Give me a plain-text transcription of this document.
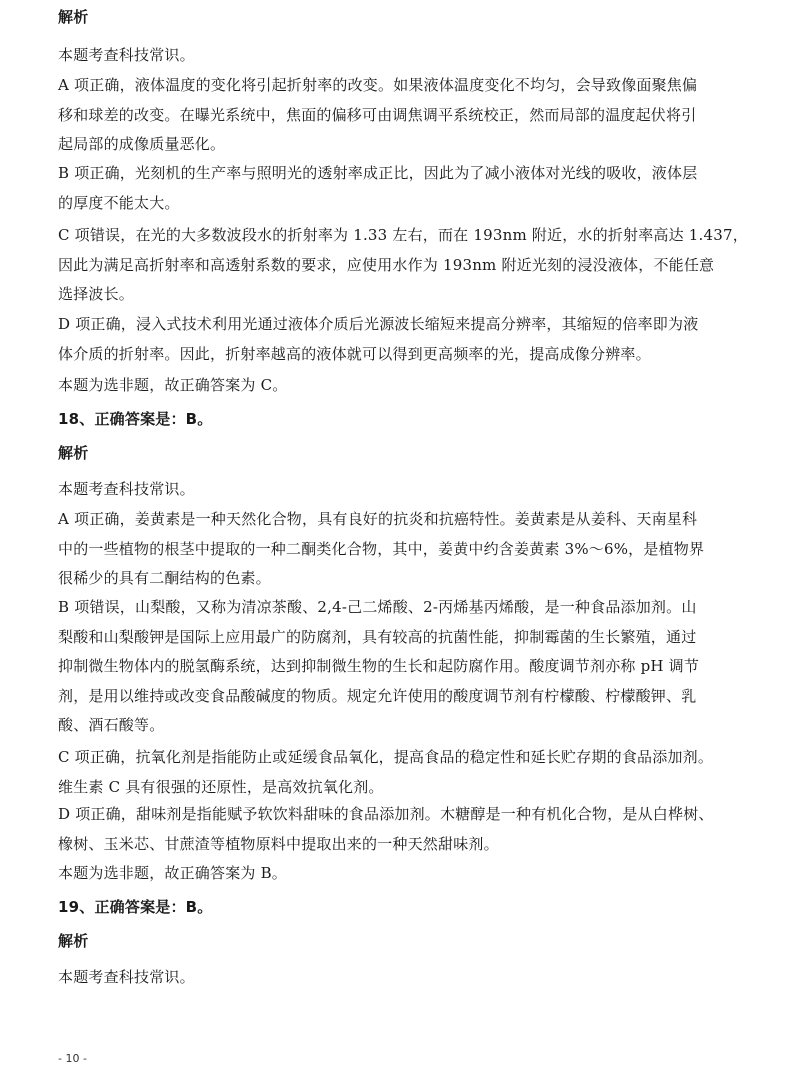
解析
本题考查科技常识。
A 项正确，液体温度的变化将引起折射率的改变。如果液体温度变化不均匀，会导致像面聚焦偏
移和球差的改变。在曝光系统中，焦面的偏移可由调焦调平系统校正，然而局部的温度起伏将引
起局部的成像质量恶化。
B 项正确，光刻机的生产率与照明光的透射率成正比，因此为了减小液体对光线的吸收，液体层
的厚度不能太大。
C 项错误，在光的大多数波段水的折射率为 1.33 左右，而在 193nm 附近，水的折射率高达 1.437，
因此为满足高折射率和高透射系数的要求，应使用水作为 193nm 附近光刻的浸没液体，不能任意
选择波长。
D 项正确，浸入式技术利用光通过液体介质后光源波长缩短来提高分辨率，其缩短的倍率即为液
体介质的折射率。因此，折射率越高的液体就可以得到更高频率的光，提高成像分辨率。
本题为选非题，故正确答案为 C。
18、正确答案是：B。
解析
本题考查科技常识。
A 项正确，姜黄素是一种天然化合物，具有良好的抗炎和抗癌特性。姜黄素是从姜科、天南星科
中的一些植物的根茎中提取的一种二酮类化合物，其中，姜黄中约含姜黄素 3%～6%，是植物界
很稀少的具有二酮结构的色素。
B 项错误，山梨酸，又称为清凉茶酸、2,4-己二烯酸、2-丙烯基丙烯酸，是一种食品添加剂。山
梨酸和山梨酸钾是国际上应用最广的防腐剂，具有较高的抗菌性能，抑制霉菌的生长繁殖，通过
抑制微生物体内的脱氢酶系统，达到抑制微生物的生长和起防腐作用。酸度调节剂亦称 pH 调节
剂，是用以维持或改变食品酸碱度的物质。规定允许使用的酸度调节剂有柠檬酸、柠檬酸钾、乳
酸、酒石酸等。
C 项正确，抗氧化剂是指能防止或延缓食品氧化，提高食品的稳定性和延长贮存期的食品添加剂。
维生素 C 具有很强的还原性，是高效抗氧化剂。
D 项正确，甜味剂是指能赋予软饮料甜味的食品添加剂。木糖醇是一种有机化合物，是从白桦树、
橡树、玉米芯、甘蔗渣等植物原料中提取出来的一种天然甜味剂。
本题为选非题，故正确答案为 B。
19、正确答案是：B。
解析
本题考查科技常识。
- 10 -
